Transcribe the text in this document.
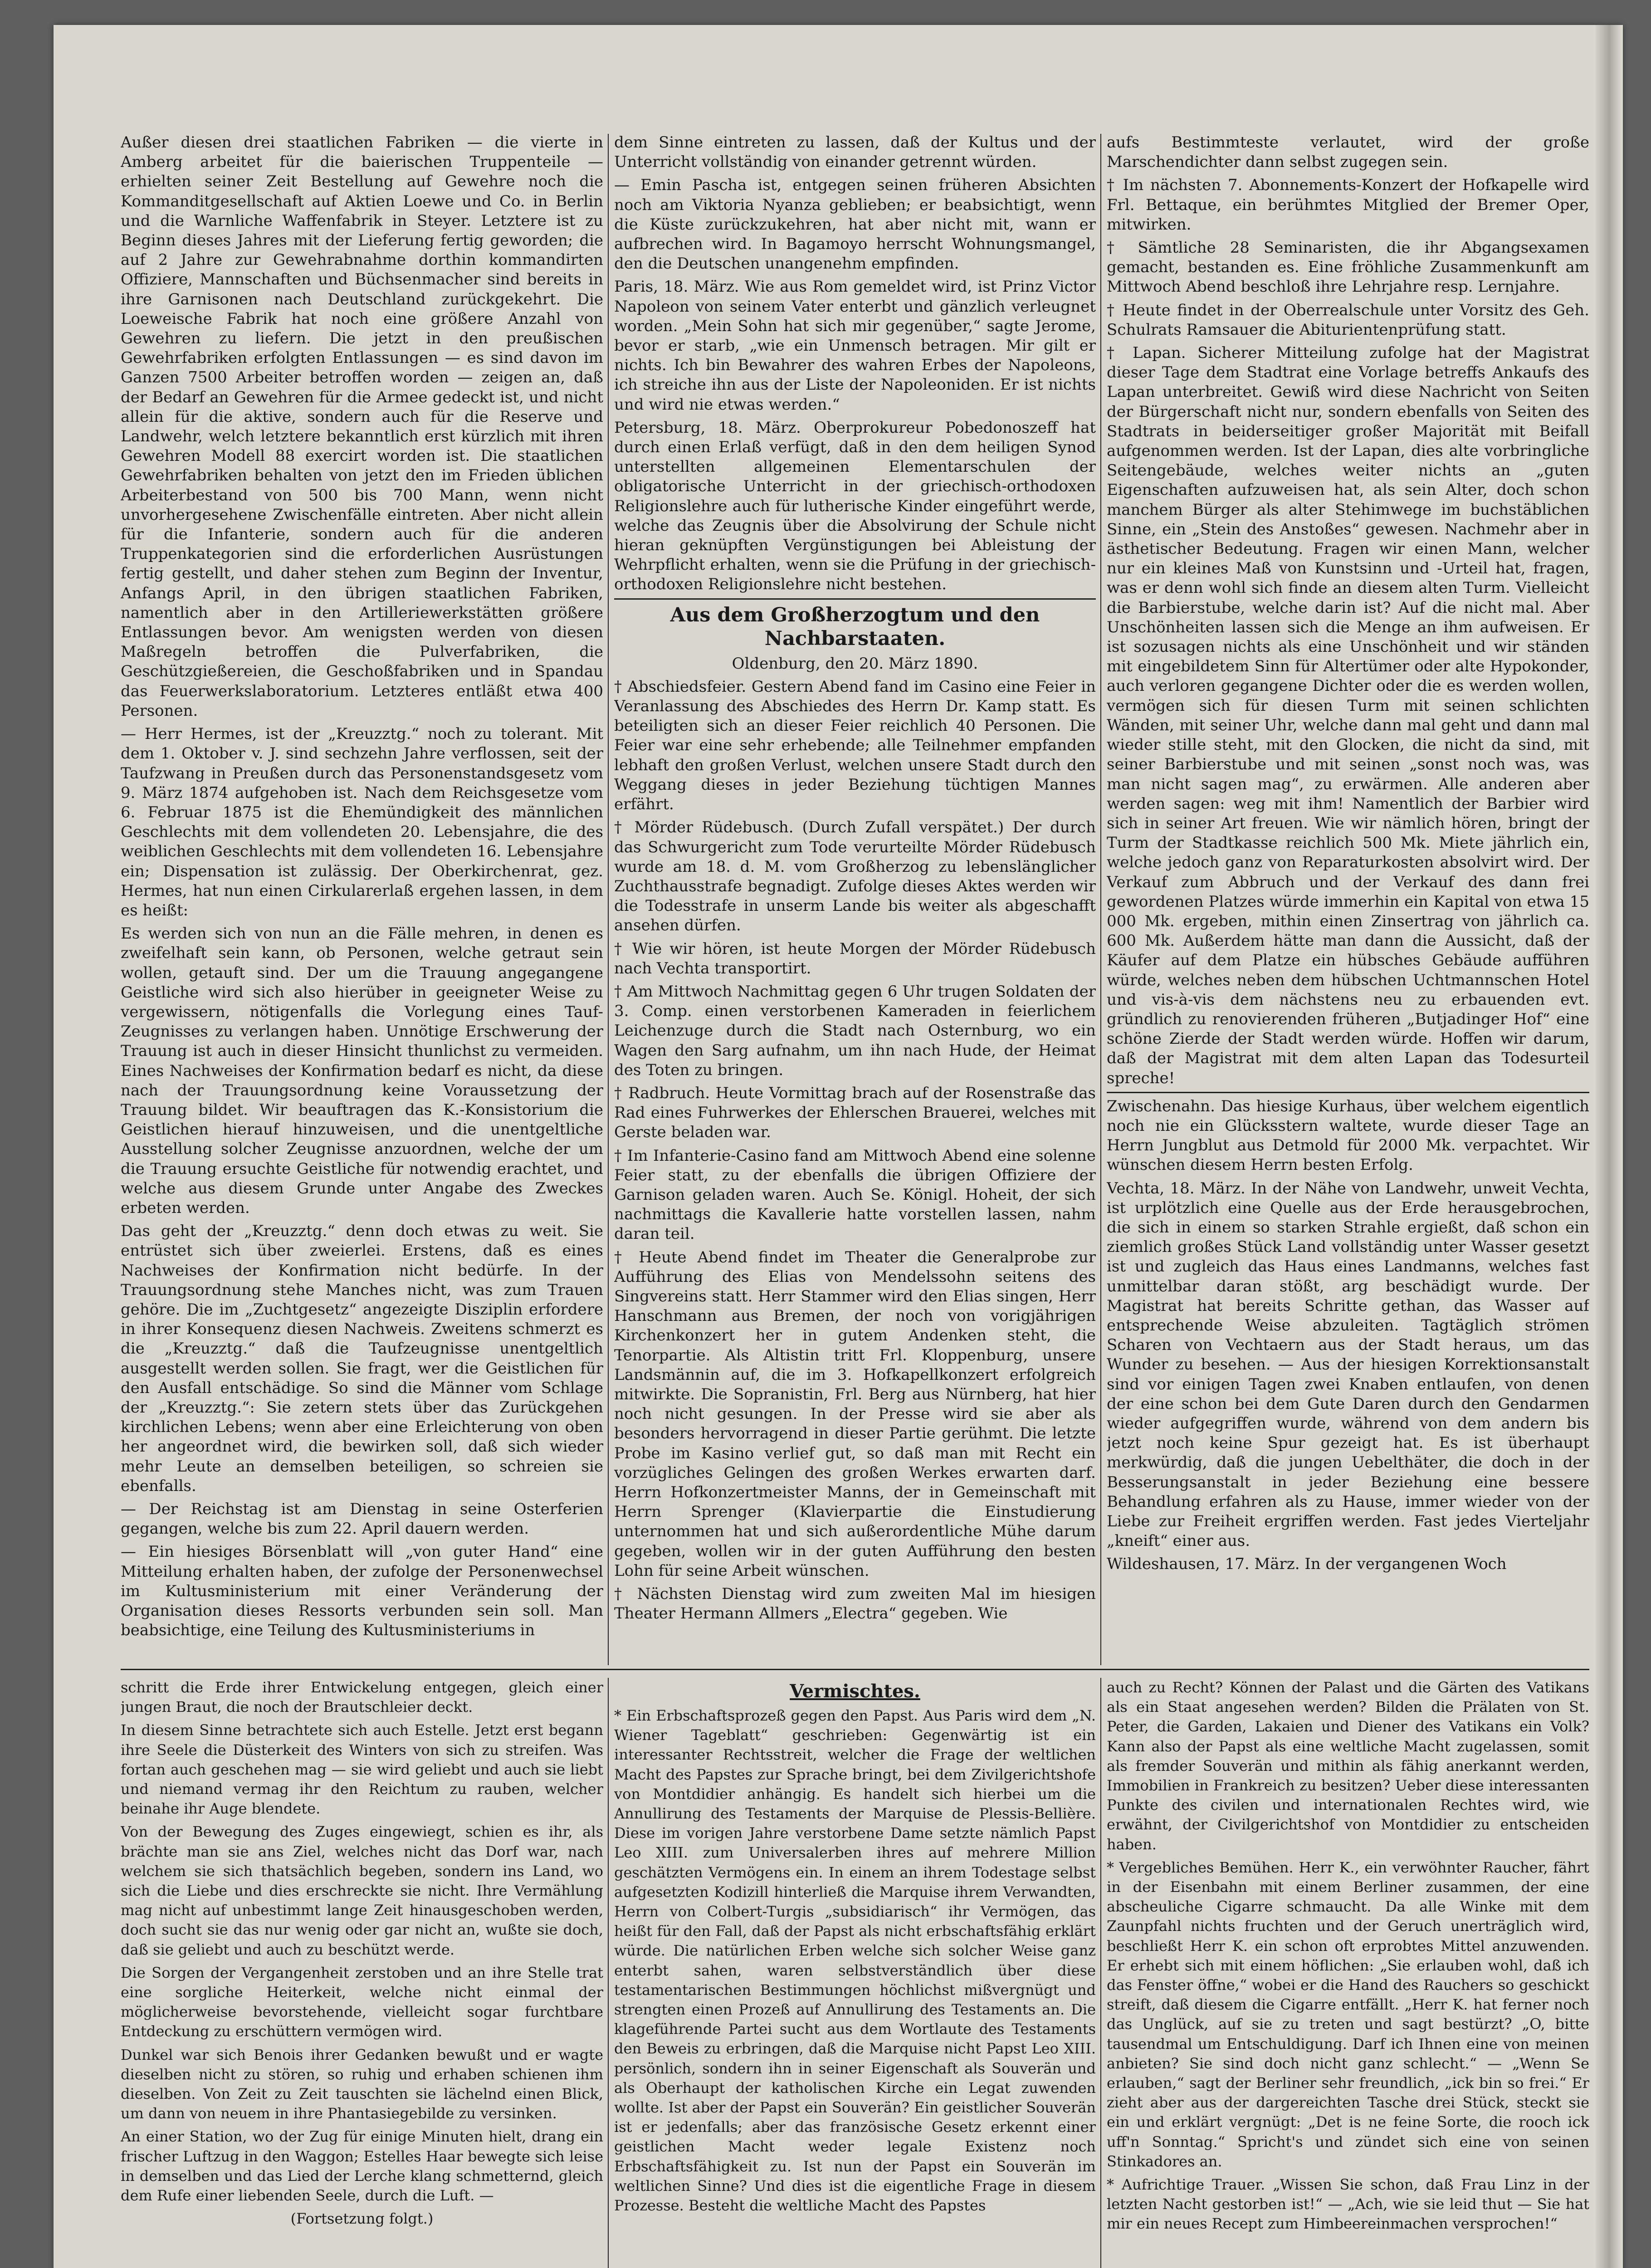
Außer diesen drei staatlichen Fabriken — die vierte in Amberg arbeitet für die baierischen Truppenteile — erhielten seiner Zeit Bestellung auf Gewehre noch die Kommanditgesellschaft auf Aktien Loewe und Co. in Berlin und die Warnliche Waffenfabrik in Steyer. Letztere ist zu Beginn dieses Jahres mit der Lieferung fertig geworden; die auf 2 Jahre zur Gewehrabnahme dorthin kommandirten Offiziere, Mannschaften und Büchsenmacher sind bereits in ihre Garnisonen nach Deutschland zurückgekehrt. Die Loeweische Fabrik hat noch eine größere Anzahl von Gewehren zu liefern. Die jetzt in den preußischen Gewehrfabriken erfolgten Entlassungen — es sind davon im Ganzen 7500 Arbeiter betroffen worden — zeigen an, daß der Bedarf an Gewehren für die Armee gedeckt ist, und nicht allein für die aktive, sondern auch für die Reserve und Landwehr, welch letztere bekanntlich erst kürzlich mit ihren Gewehren Modell 88 exercirt worden ist. Die staatlichen Gewehrfabriken behalten von jetzt den im Frieden üblichen Arbeiterbestand von 500 bis 700 Mann, wenn nicht unvorhergesehene Zwischenfälle eintreten. Aber nicht allein für die Infanterie, sondern auch für die anderen Truppenkategorien sind die erforderlichen Ausrüstungen fertig gestellt, und daher stehen zum Beginn der Inventur, Anfangs April, in den übrigen staatlichen Fabriken, namentlich aber in den Artilleriewerkstätten größere Entlassungen bevor. Am wenigsten werden von diesen Maßregeln betroffen die Pulverfabriken, die Geschützgießereien, die Geschoßfabriken und in Spandau das Feuerwerkslaboratorium. Letzteres entläßt etwa 400 Personen.

— Herr Hermes, ist der „Kreuzztg.“ noch zu tolerant. Mit dem 1. Oktober v. J. sind sechzehn Jahre verflossen, seit der Taufzwang in Preußen durch das Personenstandsgesetz vom 9. März 1874 aufgehoben ist. Nach dem Reichsgesetze vom 6. Februar 1875 ist die Ehemündigkeit des männlichen Geschlechts mit dem vollendeten 20. Lebensjahre, die des weiblichen Geschlechts mit dem vollendeten 16. Lebensjahre ein; Dispensation ist zulässig. Der Oberkirchenrat, gez. Hermes, hat nun einen Cirkularerlaß ergehen lassen, in dem es heißt:

Es werden sich von nun an die Fälle mehren, in denen es zweifelhaft sein kann, ob Personen, welche getraut sein wollen, getauft sind. Der um die Trauung angegangene Geistliche wird sich also hierüber in geeigneter Weise zu vergewissern, nötigenfalls die Vorlegung eines Tauf-Zeugnisses zu verlangen haben. Unnötige Erschwerung der Trauung ist auch in dieser Hinsicht thunlichst zu vermeiden. Eines Nachweises der Konfirmation bedarf es nicht, da diese nach der Trauungsordnung keine Voraussetzung der Trauung bildet. Wir beauftragen das K.-Konsistorium die Geistlichen hierauf hinzuweisen, und die unentgeltliche Ausstellung solcher Zeugnisse anzuordnen, welche der um die Trauung ersuchte Geistliche für notwendig erachtet, und welche aus diesem Grunde unter Angabe des Zweckes erbeten werden.

Das geht der „Kreuzztg.“ denn doch etwas zu weit. Sie entrüstet sich über zweierlei. Erstens, daß es eines Nachweises der Konfirmation nicht bedürfe. In der Trauungsordnung stehe Manches nicht, was zum Trauen gehöre. Die im „Zuchtgesetz“ angezeigte Disziplin erfordere in ihrer Konsequenz diesen Nachweis. Zweitens schmerzt es die „Kreuzztg.“ daß die Taufzeugnisse unentgeltlich ausgestellt werden sollen. Sie fragt, wer die Geistlichen für den Ausfall entschädige. So sind die Männer vom Schlage der „Kreuzztg.“: Sie zetern stets über das Zurückgehen kirchlichen Lebens; wenn aber eine Erleichterung von oben her angeordnet wird, die bewirken soll, daß sich wieder mehr Leute an demselben beteiligen, so schreien sie ebenfalls.

— Der Reichstag ist am Dienstag in seine Osterferien gegangen, welche bis zum 22. April dauern werden.

— Ein hiesiges Börsenblatt will „von guter Hand“ eine Mitteilung erhalten haben, der zufolge der Personenwechsel im Kultusministerium mit einer Veränderung der Organisation dieses Ressorts verbunden sein soll. Man beabsichtige, eine Teilung des Kultusministeriums in

dem Sinne eintreten zu lassen, daß der Kultus und der Unterricht vollständig von einander getrennt würden.

— Emin Pascha ist, entgegen seinen früheren Absichten noch am Viktoria Nyanza geblieben; er beabsichtigt, wenn die Küste zurückzukehren, hat aber nicht mit, wann er aufbrechen wird. In Bagamoyo herrscht Wohnungsmangel, den die Deutschen unangenehm empfinden.

Paris, 18. März. Wie aus Rom gemeldet wird, ist Prinz Victor Napoleon von seinem Vater enterbt und gänzlich verleugnet worden. „Mein Sohn hat sich mir gegenüber,“ sagte Jerome, bevor er starb, „wie ein Unmensch betragen. Mir gilt er nichts. Ich bin Bewahrer des wahren Erbes der Napoleons, ich streiche ihn aus der Liste der Napoleoniden. Er ist nichts und wird nie etwas werden.“

Petersburg, 18. März. Oberprokureur Pobedonoszeff hat durch einen Erlaß verfügt, daß in den dem heiligen Synod unterstellten allgemeinen Elementarschulen der obligatorische Unterricht in der griechisch-orthodoxen Religionslehre auch für lutherische Kinder eingeführt werde, welche das Zeugnis über die Absolvirung der Schule nicht hieran geknüpften Vergünstigungen bei Ableistung der Wehrpflicht erhalten, wenn sie die Prüfung in der griechisch-orthodoxen Religionslehre nicht bestehen.

Aus dem Großherzogtum und den Nachbarstaaten.
Oldenburg, den 20. März 1890.

† Abschiedsfeier. Gestern Abend fand im Casino eine Feier in Veranlassung des Abschiedes des Herrn Dr. Kamp statt. Es beteiligten sich an dieser Feier reichlich 40 Personen. Die Feier war eine sehr erhebende; alle Teilnehmer empfanden lebhaft den großen Verlust, welchen unsere Stadt durch den Weggang dieses in jeder Beziehung tüchtigen Mannes erfährt.

† Mörder Rüdebusch. (Durch Zufall verspätet.) Der durch das Schwurgericht zum Tode verurteilte Mörder Rüdebusch wurde am 18. d. M. vom Großherzog zu lebenslänglicher Zuchthausstrafe begnadigt. Zufolge dieses Aktes werden wir die Todesstrafe in unserm Lande bis weiter als abgeschafft ansehen dürfen.

† Wie wir hören, ist heute Morgen der Mörder Rüdebusch nach Vechta transportirt.

† Am Mittwoch Nachmittag gegen 6 Uhr trugen Soldaten der 3. Comp. einen verstorbenen Kameraden in feierlichem Leichenzuge durch die Stadt nach Osternburg, wo ein Wagen den Sarg aufnahm, um ihn nach Hude, der Heimat des Toten zu bringen.

† Radbruch. Heute Vormittag brach auf der Rosenstraße das Rad eines Fuhrwerkes der Ehlerschen Brauerei, welches mit Gerste beladen war.

† Im Infanterie-Casino fand am Mittwoch Abend eine solenne Feier statt, zu der ebenfalls die übrigen Offiziere der Garnison geladen waren. Auch Se. Königl. Hoheit, der sich nachmittags die Kavallerie hatte vorstellen lassen, nahm daran teil.

† Heute Abend findet im Theater die Generalprobe zur Aufführung des Elias von Mendelssohn seitens des Singvereins statt. Herr Stammer wird den Elias singen, Herr Hanschmann aus Bremen, der noch von vorigjährigen Kirchenkonzert her in gutem Andenken steht, die Tenorpartie. Als Altistin tritt Frl. Kloppenburg, unsere Landsmännin auf, die im 3. Hofkapellkonzert erfolgreich mitwirkte. Die Sopranistin, Frl. Berg aus Nürnberg, hat hier noch nicht gesungen. In der Presse wird sie aber als besonders hervorragend in dieser Partie gerühmt. Die letzte Probe im Kasino verlief gut, so daß man mit Recht ein vorzügliches Gelingen des großen Werkes erwarten darf. Herrn Hofkonzertmeister Manns, der in Gemeinschaft mit Herrn Sprenger (Klavierpartie die Einstudierung unternommen hat und sich außerordentliche Mühe darum gegeben, wollen wir in der guten Aufführung den besten Lohn für seine Arbeit wünschen.

† Nächsten Dienstag wird zum zweiten Mal im hiesigen Theater Hermann Allmers „Electra“ gegeben. Wie

aufs Bestimmteste verlautet, wird der große Marschendichter dann selbst zugegen sein.

† Im nächsten 7. Abonnements-Konzert der Hofkapelle wird Frl. Bettaque, ein berühmtes Mitglied der Bremer Oper, mitwirken.

† Sämtliche 28 Seminaristen, die ihr Abgangsexamen gemacht, bestanden es. Eine fröhliche Zusammenkunft am Mittwoch Abend beschloß ihre Lehrjahre resp. Lernjahre.

† Heute findet in der Oberrealschule unter Vorsitz des Geh. Schulrats Ramsauer die Abiturientenprüfung statt.

† Lapan. Sicherer Mitteilung zufolge hat der Magistrat dieser Tage dem Stadtrat eine Vorlage betreffs Ankaufs des Lapan unterbreitet. Gewiß wird diese Nachricht von Seiten der Bürgerschaft nicht nur, sondern ebenfalls von Seiten des Stadtrats in beiderseitiger großer Majorität mit Beifall aufgenommen werden. Ist der Lapan, dies alte vorbringliche Seitengebäude, welches weiter nichts an „guten Eigenschaften aufzuweisen hat, als sein Alter, doch schon manchem Bürger als alter Stehimwege im buchstäblichen Sinne, ein „Stein des Anstoßes“ gewesen. Nachmehr aber in ästhetischer Bedeutung. Fragen wir einen Mann, welcher nur ein kleines Maß von Kunstsinn und -Urteil hat, fragen, was er denn wohl sich finde an diesem alten Turm. Vielleicht die Barbierstube, welche darin ist? Auf die nicht mal. Aber Unschönheiten lassen sich die Menge an ihm aufweisen. Er ist sozusagen nichts als eine Unschönheit und wir ständen mit eingebildetem Sinn für Altertümer oder alte Hypokonder, auch verloren gegangene Dichter oder die es werden wollen, vermögen sich für diesen Turm mit seinen schlichten Wänden, mit seiner Uhr, welche dann mal geht und dann mal wieder stille steht, mit den Glocken, die nicht da sind, mit seiner Barbierstube und mit seinen „sonst noch was, was man nicht sagen mag“, zu erwärmen. Alle anderen aber werden sagen: weg mit ihm! Namentlich der Barbier wird sich in seiner Art freuen. Wie wir nämlich hören, bringt der Turm der Stadtkasse reichlich 500 Mk. Miete jährlich ein, welche jedoch ganz von Reparaturkosten absolvirt wird. Der Verkauf zum Abbruch und der Verkauf des dann frei gewordenen Platzes würde immerhin ein Kapital von etwa 15 000 Mk. ergeben, mithin einen Zinsertrag von jährlich ca. 600 Mk. Außerdem hätte man dann die Aussicht, daß der Käufer auf dem Platze ein hübsches Gebäude aufführen würde, welches neben dem hübschen Uchtmannschen Hotel und vis-à-vis dem nächstens neu zu erbauenden evt. gründlich zu renovierenden früheren „Butjadinger Hof“ eine schöne Zierde der Stadt werden würde. Hoffen wir darum, daß der Magistrat mit dem alten Lapan das Todesurteil spreche!

Zwischenahn. Das hiesige Kurhaus, über welchem eigentlich noch nie ein Glücksstern waltete, wurde dieser Tage an Herrn Jungblut aus Detmold für 2000 Mk. verpachtet. Wir wünschen diesem Herrn besten Erfolg.

Vechta, 18. März. In der Nähe von Landwehr, unweit Vechta, ist urplötzlich eine Quelle aus der Erde herausgebrochen, die sich in einem so starken Strahle ergießt, daß schon ein ziemlich großes Stück Land vollständig unter Wasser gesetzt ist und zugleich das Haus eines Landmanns, welches fast unmittelbar daran stößt, arg beschädigt wurde. Der Magistrat hat bereits Schritte gethan, das Wasser auf entsprechende Weise abzuleiten. Tagtäglich strömen Scharen von Vechtaern aus der Stadt heraus, um das Wunder zu besehen. — Aus der hiesigen Korrektionsanstalt sind vor einigen Tagen zwei Knaben entlaufen, von denen der eine schon bei dem Gute Daren durch den Gendarmen wieder aufgegriffen wurde, während von dem andern bis jetzt noch keine Spur gezeigt hat. Es ist überhaupt merkwürdig, daß die jungen Uebelthäter, die doch in der Besserungsanstalt in jeder Beziehung eine bessere Behandlung erfahren als zu Hause, immer wieder von der Liebe zur Freiheit ergriffen werden. Fast jedes Vierteljahr „kneift“ einer aus.

Wildeshausen, 17. März. In der vergangenen Woch

schritt die Erde ihrer Entwickelung entgegen, gleich einer jungen Braut, die noch der Brautschleier deckt.

In diesem Sinne betrachtete sich auch Estelle. Jetzt erst begann ihre Seele die Düsterkeit des Winters von sich zu streifen. Was fortan auch geschehen mag — sie wird geliebt und auch sie liebt und niemand vermag ihr den Reichtum zu rauben, welcher beinahe ihr Auge blendete.

Von der Bewegung des Zuges eingewiegt, schien es ihr, als brächte man sie ans Ziel, welches nicht das Dorf war, nach welchem sie sich thatsächlich begeben, sondern ins Land, wo sich die Liebe und dies erschreckte sie nicht. Ihre Vermählung mag nicht auf unbestimmt lange Zeit hinausgeschoben werden, doch sucht sie das nur wenig oder gar nicht an, wußte sie doch, daß sie geliebt und auch zu beschützt werde.

Die Sorgen der Vergangenheit zerstoben und an ihre Stelle trat eine sorgliche Heiterkeit, welche nicht einmal der möglicherweise bevorstehende, vielleicht sogar furchtbare Entdeckung zu erschüttern vermögen wird.

Dunkel war sich Benois ihrer Gedanken bewußt und er wagte dieselben nicht zu stören, so ruhig und erhaben schienen ihm dieselben. Von Zeit zu Zeit tauschten sie lächelnd einen Blick, um dann von neuem in ihre Phantasiegebilde zu versinken.

An einer Station, wo der Zug für einige Minuten hielt, drang ein frischer Luftzug in den Waggon; Estelles Haar bewegte sich leise in demselben und das Lied der Lerche klang schmetternd, gleich dem Rufe einer liebenden Seele, durch die Luft. —

(Fortsetzung folgt.)

Vermischtes.

* Ein Erbschaftsprozeß gegen den Papst. Aus Paris wird dem „N. Wiener Tageblatt“ geschrieben: Gegenwärtig ist ein interessanter Rechtsstreit, welcher die Frage der weltlichen Macht des Papstes zur Sprache bringt, bei dem Zivilgerichtshofe von Montdidier anhängig. Es handelt sich hierbei um die Annullirung des Testaments der Marquise de Plessis-Bellière. Diese im vorigen Jahre verstorbene Dame setzte nämlich Papst Leo XIII. zum Universalerben ihres auf mehrere Million geschätzten Vermögens ein. In einem an ihrem Todestage selbst aufgesetzten Kodizill hinterließ die Marquise ihrem Verwandten, Herrn von Colbert-Turgis „subsidiarisch“ ihr Vermögen, das heißt für den Fall, daß der Papst als nicht erbschaftsfähig erklärt würde. Die natürlichen Erben welche sich solcher Weise ganz enterbt sahen, waren selbstverständlich über diese testamentarischen Bestimmungen höchlichst mißvergnügt und strengten einen Prozeß auf Annullirung des Testaments an. Die klageführende Partei sucht aus dem Wortlaute des Testaments den Beweis zu erbringen, daß die Marquise nicht Papst Leo XIII. persönlich, sondern ihn in seiner Eigenschaft als Souverän und als Oberhaupt der katholischen Kirche ein Legat zuwenden wollte. Ist aber der Papst ein Souverän? Ein geistlicher Souverän ist er jedenfalls; aber das französische Gesetz erkennt einer geistlichen Macht weder legale Existenz noch Erbschaftsfähigkeit zu. Ist nun der Papst ein Souverän im weltlichen Sinne? Und dies ist die eigentliche Frage in diesem Prozesse. Besteht die weltliche Macht des Papstes

auch zu Recht? Können der Palast und die Gärten des Vatikans als ein Staat angesehen werden? Bilden die Prälaten von St. Peter, die Garden, Lakaien und Diener des Vatikans ein Volk? Kann also der Papst als eine weltliche Macht zugelassen, somit als fremder Souverän und mithin als fähig anerkannt werden, Immobilien in Frankreich zu besitzen? Ueber diese interessanten Punkte des civilen und internationalen Rechtes wird, wie erwähnt, der Civilgerichtshof von Montdidier zu entscheiden haben.

* Vergebliches Bemühen. Herr K., ein verwöhnter Raucher, fährt in der Eisenbahn mit einem Berliner zusammen, der eine abscheuliche Cigarre schmaucht. Da alle Winke mit dem Zaunpfahl nichts fruchten und der Geruch unerträglich wird, beschließt Herr K. ein schon oft erprobtes Mittel anzuwenden. Er erhebt sich mit einem höflichen: „Sie erlauben wohl, daß ich das Fenster öffne,“ wobei er die Hand des Rauchers so geschickt streift, daß diesem die Cigarre entfällt. „Herr K. hat ferner noch das Unglück, auf sie zu treten und sagt bestürzt? „O, bitte tausendmal um Entschuldigung. Darf ich Ihnen eine von meinen anbieten? Sie sind doch nicht ganz schlecht.“ — „Wenn Se erlauben,“ sagt der Berliner sehr freundlich, „ick bin so frei.“ Er zieht aber aus der dargereichten Tasche drei Stück, steckt sie ein und erklärt vergnügt: „Det is ne feine Sorte, die rooch ick uff'n Sonntag.“ Spricht's und zündet sich eine von seinen Stinkadores an.

* Aufrichtige Trauer. „Wissen Sie schon, daß Frau Linz in der letzten Nacht gestorben ist!“ — „Ach, wie sie leid thut — Sie hat mir ein neues Recept zum Himbeereinmachen versprochen!“
